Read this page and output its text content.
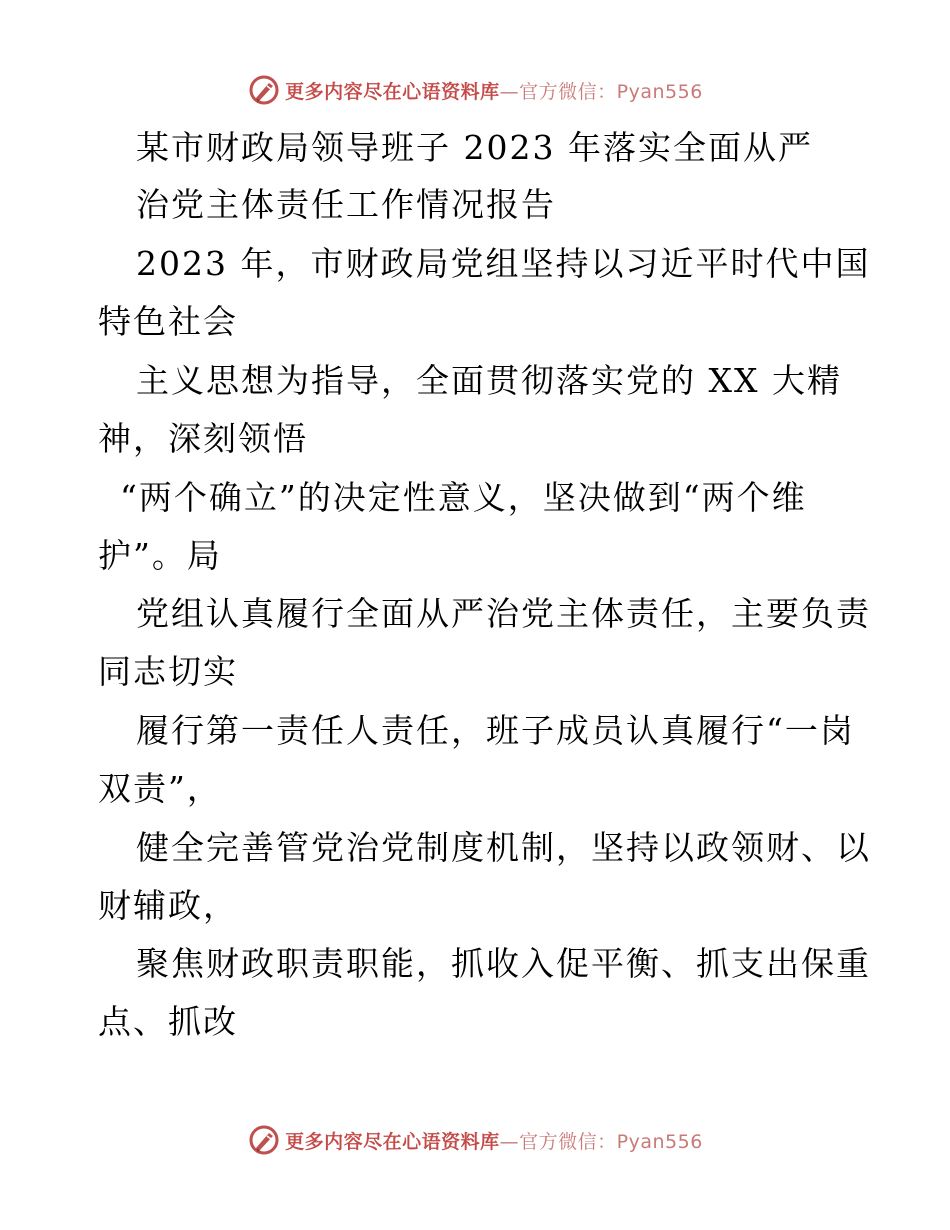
更多内容尽在心语资料库—官方微信：Pyan556
某市财政局领导班子 2023 年落实全面从严
治党主体责任工作情况报告
2023 年，市财政局党组坚持以习近平时代中国
特色社会
主义思想为指导，全面贯彻落实党的 XX 大精
神，深刻领悟
“两个确立”的决定性意义，坚决做到“两个维
护”。局
党组认真履行全面从严治党主体责任，主要负责
同志切实
履行第一责任人责任，班子成员认真履行“一岗
双责”，
健全完善管党治党制度机制，坚持以政领财、以
财辅政，
聚焦财政职责职能，抓收入促平衡、抓支出保重
点、抓改
更多内容尽在心语资料库—官方微信：Pyan556
